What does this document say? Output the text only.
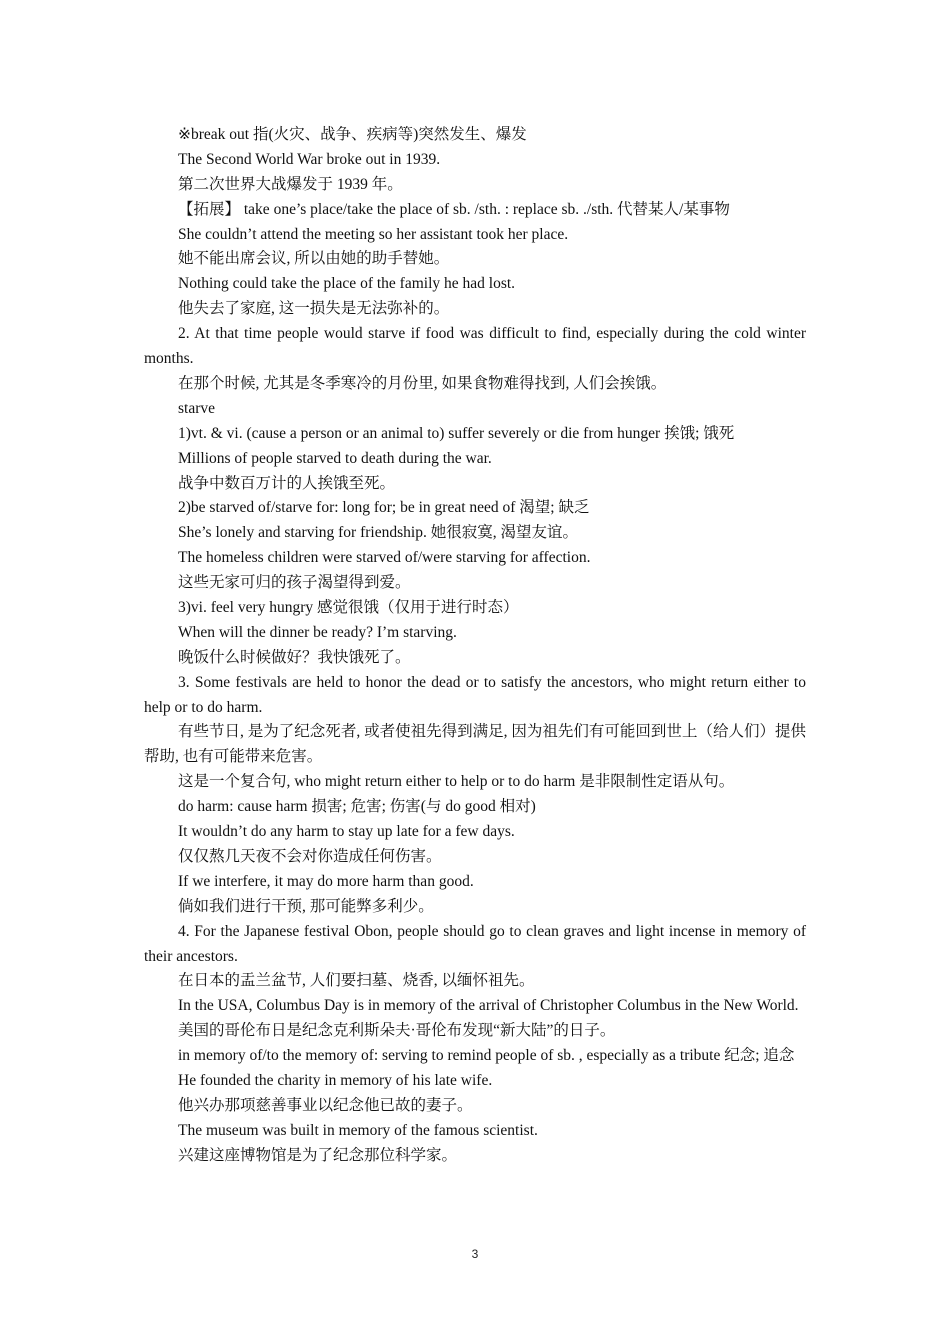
※break out 指(火灾、战争、疾病等)突然发生、爆发
The Second World War broke out in 1939.
第二次世界大战爆发于 1939 年。
【拓展】 take one’s place/take the place of sb. /sth. : replace sb. ./sth. 代替某人/某事物
She couldn’t attend the meeting so her assistant took her place.
她不能出席会议, 所以由她的助手替她。
Nothing could take the place of the family he had lost.
他失去了家庭, 这一损失是无法弥补的。
2. At that time people would starve if food was difficult to find, especially during the cold winter months.
在那个时候, 尤其是冬季寒冷的月份里, 如果食物难得找到, 人们会挨饿。
starve
1)vt. & vi. (cause a person or an animal to) suffer severely or die from hunger 挨饿; 饿死
Millions of people starved to death during the war.
战争中数百万计的人挨饿至死。
2)be starved of/starve for: long for; be in great need of 渴望; 缺乏
She’s lonely and starving for friendship. 她很寂寞, 渴望友谊。
The homeless children were starved of/were starving for affection.
这些无家可归的孩子渴望得到爱。
3)vi. feel very hungry 感觉很饿（仅用于进行时态）
When will the dinner be ready? I’m starving.
晚饭什么时候做好？我快饿死了。
3. Some festivals are held to honor the dead or to satisfy the ancestors, who might return either to help or to do harm.
有些节日, 是为了纪念死者, 或者使祖先得到满足, 因为祖先们有可能回到世上（给人们）提供帮助, 也有可能带来危害。
这是一个复合句, who might return either to help or to do harm 是非限制性定语从句。
do harm: cause harm 损害; 危害; 伤害(与 do good 相对)
It wouldn’t do any harm to stay up late for a few days.
仅仅熬几天夜不会对你造成任何伤害。
If we interfere, it may do more harm than good.
倘如我们进行干预, 那可能弊多利少。
4. For the Japanese festival Obon, people should go to clean graves and light incense in memory of their ancestors.
在日本的盂兰盆节, 人们要扫墓、烧香, 以缅怀祖先。
In the USA, Columbus Day is in memory of the arrival of Christopher Columbus in the New World.
美国的哥伦布日是纪念克利斯朵夫·哥伦布发现“新大陆”的日子。
in memory of/to the memory of: serving to remind people of sb. , especially as a tribute 纪念; 追念
He founded the charity in memory of his late wife.
他兴办那项慈善事业以纪念他已故的妻子。
The museum was built in memory of the famous scientist.
兴建这座博物馆是为了纪念那位科学家。
3
